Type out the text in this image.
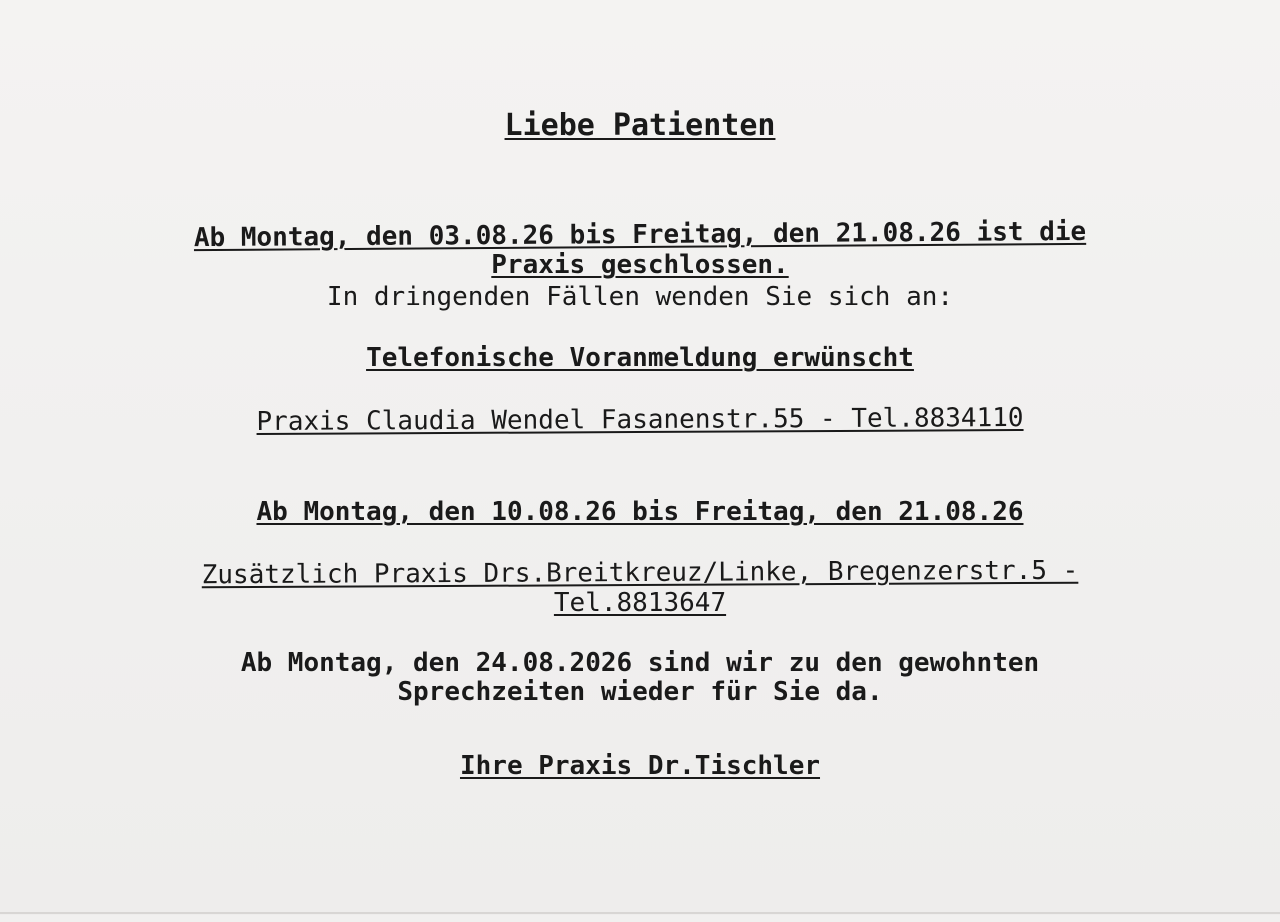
Liebe Patienten
Ab Montag, den 03.08.26 bis Freitag, den 21.08.26 ist die
Praxis geschlossen.
In dringenden Fällen wenden Sie sich an:
Telefonische Voranmeldung erwünscht
Praxis Claudia Wendel Fasanenstr.55 - Tel.8834110
Ab Montag, den 10.08.26 bis Freitag, den 21.08.26
Zusätzlich Praxis Drs.Breitkreuz/Linke, Bregenzerstr.5 -
Tel.8813647
Ab Montag, den 24.08.2026 sind wir zu den gewohnten
Sprechzeiten wieder für Sie da.
Ihre Praxis Dr.Tischler
